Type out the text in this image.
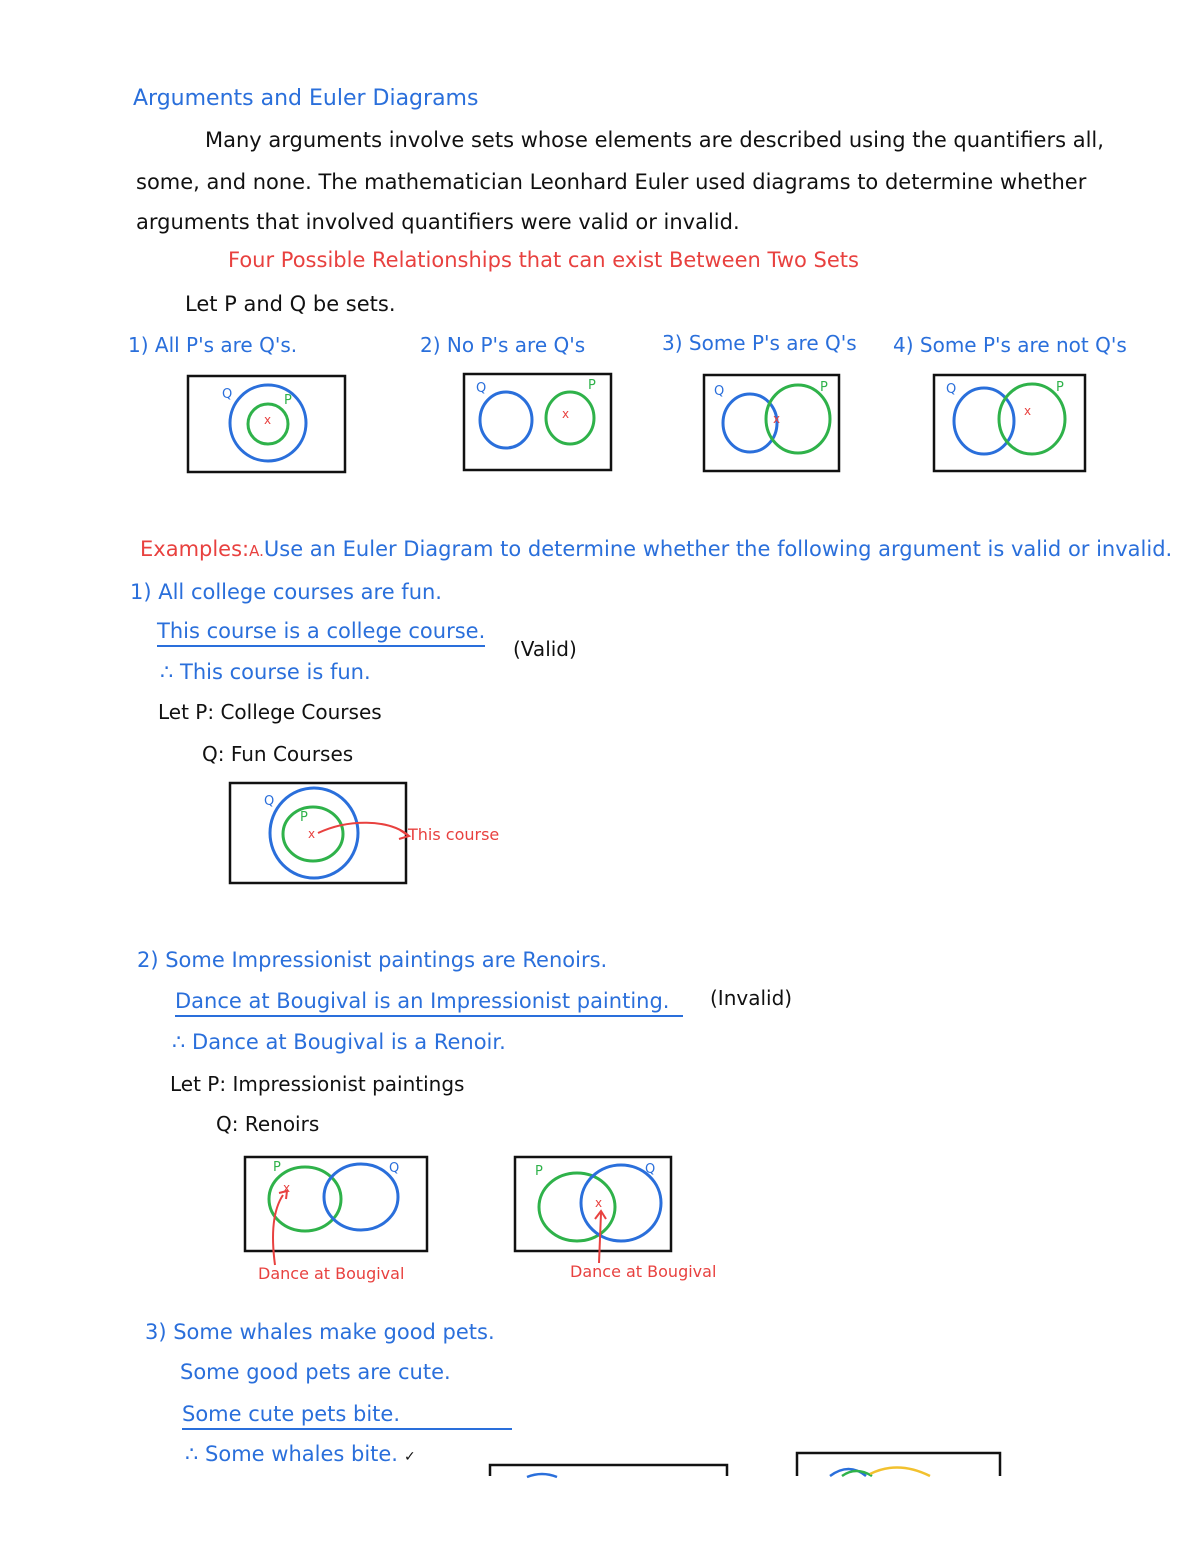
Arguments and Euler Diagrams
Many arguments involve sets whose elements are described using the quantifiers all,
some, and none. The mathematician Leonhard Euler used diagrams to determine whether
arguments that involved quantifiers were valid or invalid.
Four Possible Relationships that can exist Between Two Sets
Let P and Q be sets.
1) All P's are Q's.	2) No P's are Q's	3) Some P's are Q's 4) Some P's are not Q's
Q	P
x
Q	P
x
Q	P
x
Q	P
x
Examples:A.Use an Euler Diagram to determine whether the following argument is valid or invalid.
1) All college courses are fun.
This course is a college course.
(Valid)
∴ This course is fun.
Let P: College Courses
Q: Fun Courses
Q
P
x	This course
2) Some Impressionist paintings are Renoirs.
Dance at Bougival is an Impressionist painting.	(Invalid)
∴ Dance at Bougival is a Renoir.
Let P: Impressionist paintings
Q: Renoirs
P	Q
x
Dance at Bougival
P	Q
x
Dance at Bougival
3) Some whales make good pets.
Some good pets are cute.
Some cute pets bite.
∴ Some whales bite. ✓
